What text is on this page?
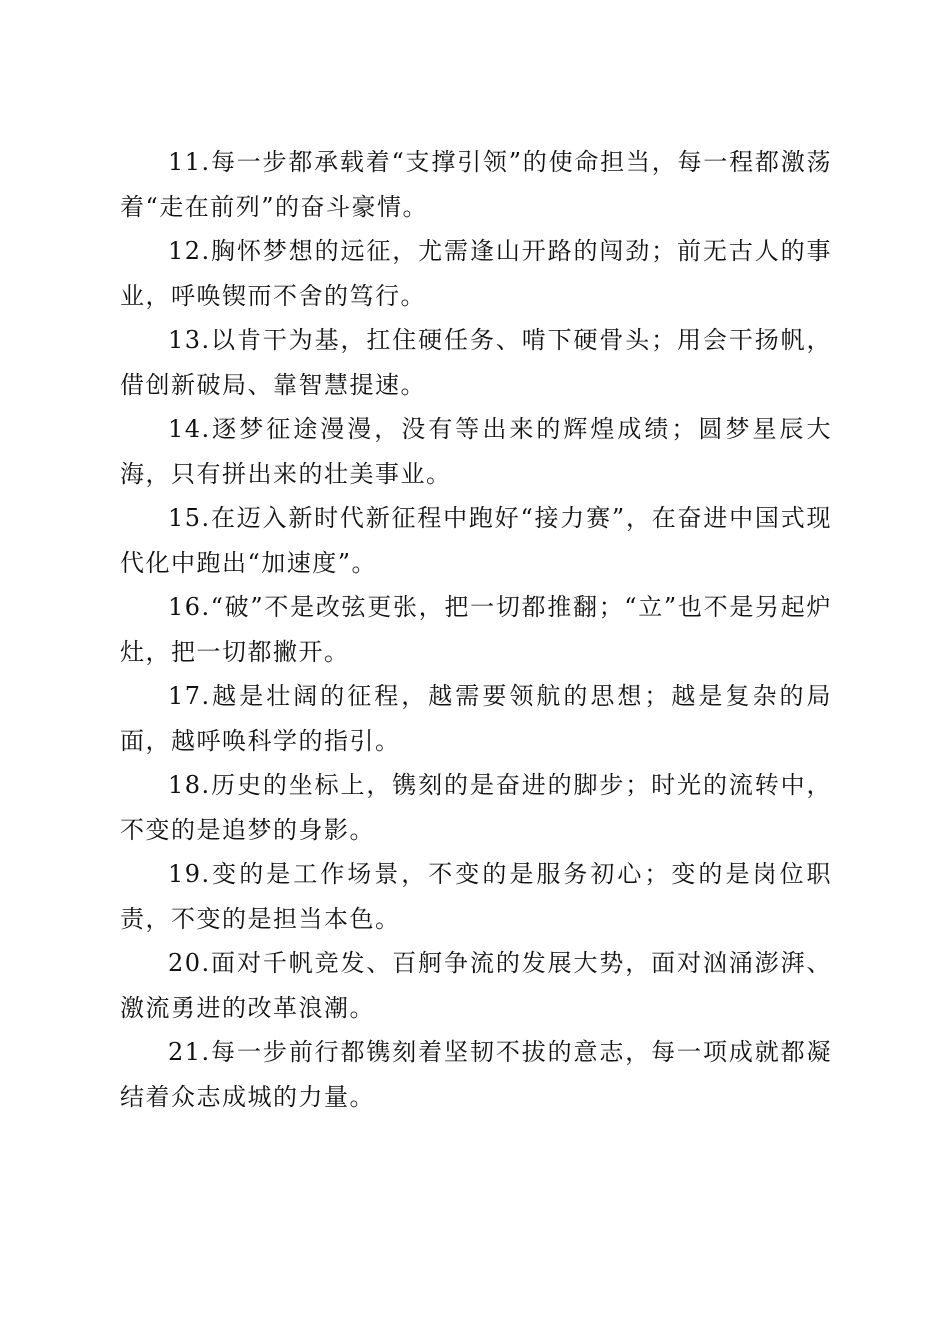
11.每一步都承载着“支撑引领”的使命担当，每一程都激荡着“走在前列”的奋斗豪情。

12.胸怀梦想的远征，尤需逢山开路的闯劲；前无古人的事业，呼唤锲而不舍的笃行。

13.以肯干为基，扛住硬任务、啃下硬骨头；用会干扬帆，借创新破局、靠智慧提速。

14.逐梦征途漫漫，没有等出来的辉煌成绩；圆梦星辰大海，只有拼出来的壮美事业。

15.在迈入新时代新征程中跑好“接力赛”，在奋进中国式现代化中跑出“加速度”。

16.“破”不是改弦更张，把一切都推翻；“立”也不是另起炉灶，把一切都撇开。

17.越是壮阔的征程，越需要领航的思想；越是复杂的局面，越呼唤科学的指引。

18.历史的坐标上，镌刻的是奋进的脚步；时光的流转中，不变的是追梦的身影。

19.变的是工作场景，不变的是服务初心；变的是岗位职责，不变的是担当本色。

20.面对千帆竞发、百舸争流的发展大势，面对汹涌澎湃、激流勇进的改革浪潮。

21.每一步前行都镌刻着坚韧不拔的意志，每一项成就都凝结着众志成城的力量。
